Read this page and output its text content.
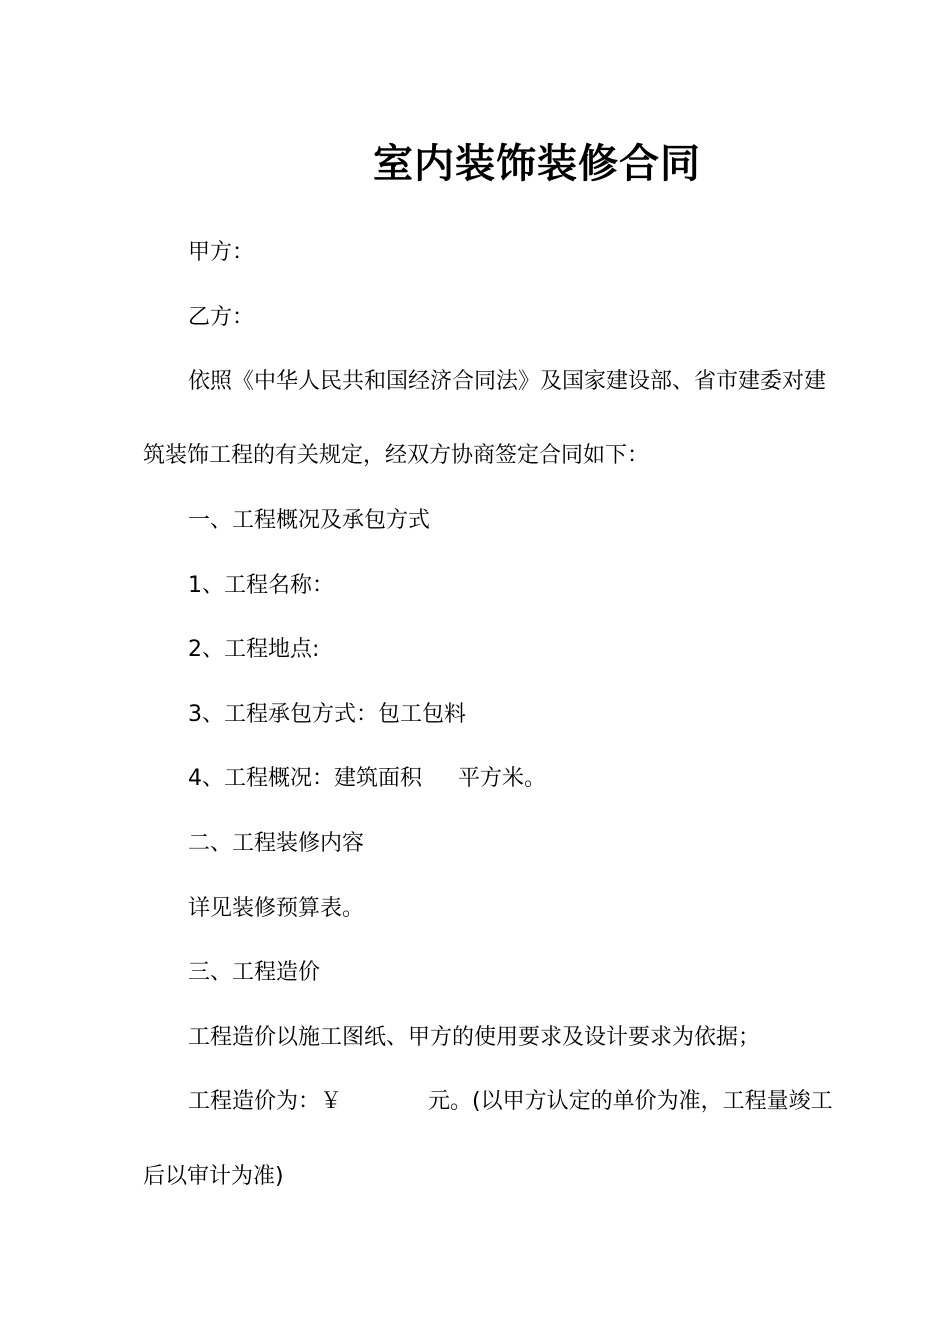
室内装饰装修合同
甲方：
乙方：
依照《中华人民共和国经济合同法》及国家建设部、省市建委对建
筑装饰工程的有关规定，经双方协商签定合同如下：
一、工程概况及承包方式
1、工程名称：
2、工程地点:
3、工程承包方式：包工包料
4、工程概况：建筑面积 平方米。
二、工程装修内容
详见装修预算表。
三、工程造价
工程造价以施工图纸、甲方的使用要求及设计要求为依据；
工程造价为：￥	元。(以甲方认定的单价为准，工程量竣工
后以审计为准)
